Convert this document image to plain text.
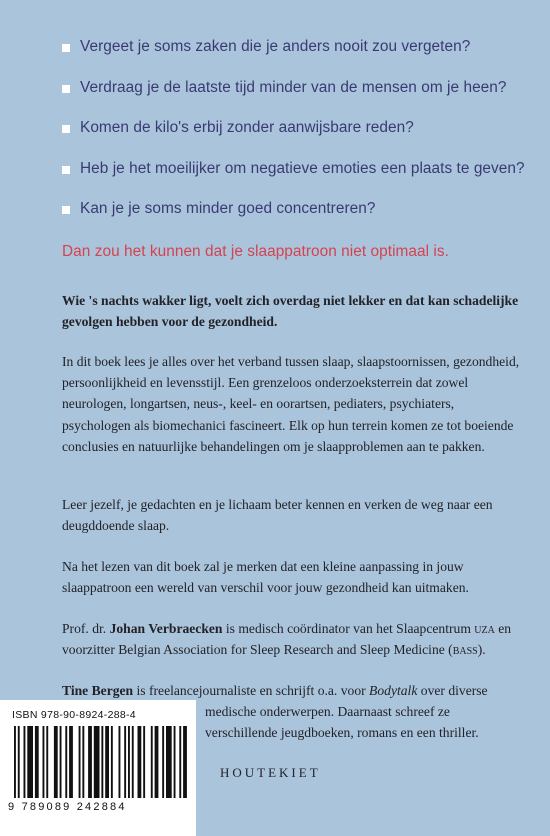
Vergeet je soms zaken die je anders nooit zou vergeten?
Verdraag je de laatste tijd minder van de mensen om je heen?
Komen de kilo's erbij zonder aanwijsbare reden?
Heb je het moeilijker om negatieve emoties een plaats te geven?
Kan je je soms minder goed concentreren?
Dan zou het kunnen dat je slaappatroon niet optimaal is.
Wie 's nachts wakker ligt, voelt zich overdag niet lekker en dat kan schadelijke gevolgen hebben voor de gezondheid.
In dit boek lees je alles over het verband tussen slaap, slaapstoornissen, gezondheid, persoonlijkheid en levensstijl. Een grenzeloos onderzoeksterrein dat zowel neurologen, longartsen, neus-, keel- en oorartsen, pediaters, psychiaters, psychologen als biomechanici fascineert. Elk op hun terrein komen ze tot boeiende conclusies en natuurlijke behandelingen om je slaapproblemen aan te pakken.
Leer jezelf, je gedachten en je lichaam beter kennen en verken de weg naar een deugddoende slaap.
Na het lezen van dit boek zal je merken dat een kleine aanpassing in jouw slaappatroon een wereld van verschil voor jouw gezondheid kan uitmaken.
Prof. dr. Johan Verbraecken is medisch coördinator van het Slaapcentrum uza en voorzitter Belgian Association for Sleep Research and Sleep Medicine (bass).
Tine Bergen is freelancejournaliste en schrijft o.a. voor Bodytalk over diverse
medische onderwerpen. Daarnaast schreef ze
verschillende jeugdboeken, romans en een thriller.
HOUTEKIET
ISBN 978-90-8924-288-4
9 789089 242884
